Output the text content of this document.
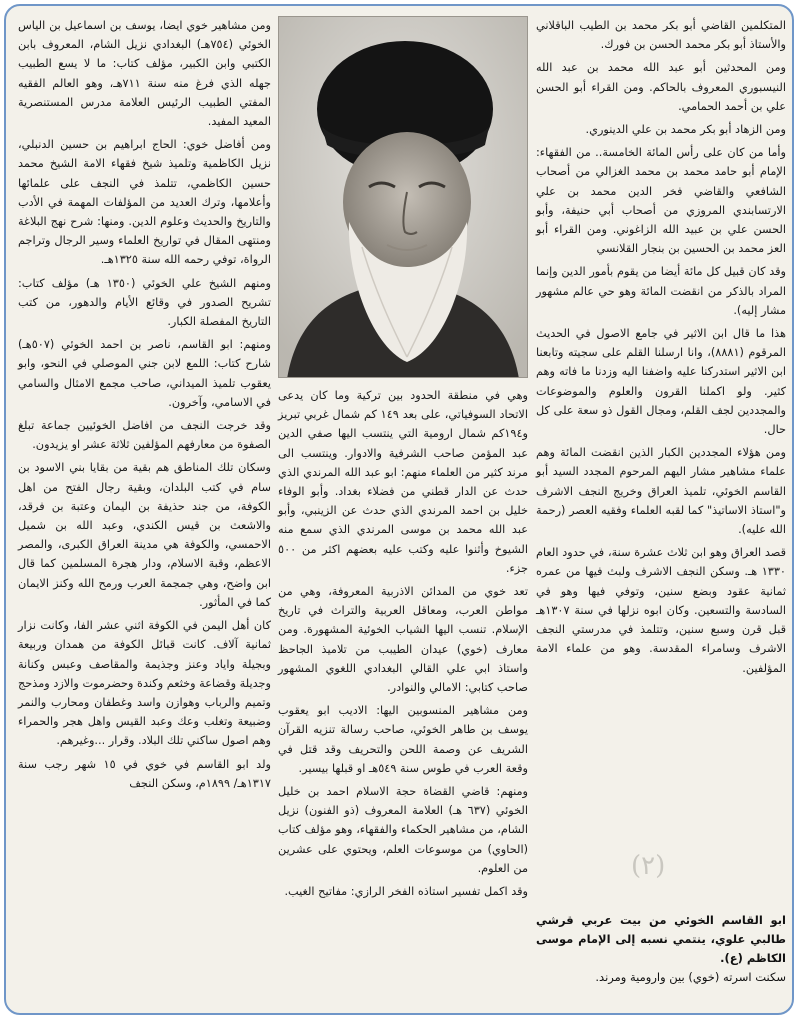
المتكلمين القاضي أبو بكر محمد بن الطيب الباقلاني والأستاذ أبو بكر محمد الحسن بن فورك.

ومن المحدثين أبو عبد الله محمد بن عبد الله النيسبوري المعروف بالحاكم. ومن القراء أبو الحسن علي بن أحمد الحمامي.

ومن الزهاد أبو بكر محمد بن علي الدينوري.

وأما من كان على رأس المائة الخامسة.. من الفقهاء: الإمام أبو حامد محمد بن محمد الغزالي من أصحاب الشافعي والقاضي فخر الدين محمد بن علي الارتسابندي المروزي من أصحاب أبي حنيفة، وأبو الحسن علي بن عبيد الله الزاغوني. ومن القراء أبو العز محمد بن الحسين بن بنجار القلانسي

وقد كان قبيل كل مائة أيضا من يقوم بأمور الدين وإنما المراد بالذكر من انقضت المائة وهو حي عالم مشهور مشار إليه).

هذا ما قال ابن الاثير في جامع الاصول في الحديث المرقوم (٨٨٨١)، وانا ارسلنا القلم على سجيته وتابعنا ابن الاثير استدركنا عليه واضفنا اليه وزدنا ما فاته وهم كثير. ولو اكملنا القرون والعلوم والموضوعات والمجددين لجف القلم، ومجال القول ذو سعة على كل حال.

ومن هؤلاء المجددين الكبار الذين انقضت المائة وهم علماء مشاهير مشار اليهم المرحوم المجدد السيد أبو القاسم الخوئي، تلميذ العراق وخريج النجف الاشرف و"استاذ الاساتيذ" كما لقبه العلماء وفقيه العصر (رحمة الله عليه).

قصد العراق وهو ابن ثلاث عشرة سنة، في حدود العام ١٣٣٠ هـ. وسكن النجف الاشرف ولبث فيها من عمره ثمانية عقود وبضع سنين، وتوفي فيها وهو في السادسة والتسعين. وكان ابوه نزلها في سنة ١٣٠٧هـ قبل قرن وسبع سنين، وتتلمذ في مدرستي النجف الاشرف وسامراء المقدسة. وهو من علماء الامة المؤلفين.

(٢)

ابو القاسم الخوئي من بيت عربي قرشي طالبي علوي، ينتمي نسبه إلى الإمام موسى الكاظم (ع).

سكنت اسرته (خوي) بين وارومية ومرند.

وهي في منطقة الحدود بين تركية وما كان يدعى الاتحاد السوفياتي، على بعد ١٤٩ كم شمال غربي تبريز و١٩٤كم شمال ارومية التي ينتسب اليها صفي الدين عبد المؤمن صاحب الشرفية والادوار. وينتسب الى مرند كثير من العلماء منهم: ابو عبد الله المرندي الذي حدث عن الدار قطني من فضلاء بغداد. وأبو الوفاء خليل بن احمد المرندي الذي حدث عن الزينبي، وأبو عبد الله محمد بن موسى المرندي الذي سمع منه الشيوخ وأثنوا عليه وكتب عليه بعضهم اكثر من ٥٠٠ جزء.

تعد خوي من المدائن الاذربية المعروفة، وهي من مواطن العرب، ومعاقل العربية والتراث في تاريخ الإسلام. تنسب اليها الشياب الخوئية المشهورة. ومن معارف (خوي) عيدان الطيبب من تلاميذ الجاحظ واستاذ ابي علي القالي البغدادي اللغوي المشهور صاحب كتابي: الامالي والنوادر.

ومن مشاهير المنسوبين اليها: الاديب ابو يعقوب يوسف بن طاهر الخوئي، صاحب رسالة تنزيه القرآن الشريف عن وصمة اللحن والتحريف وقد قتل في وقعة العرب في طوس سنة ٥٤٩هـ او قبلها بيسير.

ومنهم: قاضي القضاة حجة الاسلام احمد بن خليل الخوئي (٦٣٧ هـ) العلامة المعروف (ذو الفنون) نزيل الشام، من مشاهير الحكماء والفقهاء، وهو مؤلف كتاب (الحاوي) من موسوعات العلم، ويحتوي على عشرين من العلوم.

وقد اكمل تفسير استاذه الفخر الرازي: مفاتيح الغيب.

ومن مشاهير خوي ايضا، يوسف بن اسماعيل بن الياس الخوئي (٧٥٤هـ) البغدادي نزيل الشام، المعروف بابن الكتبي وابن الكبير، مؤلف كتاب: ما لا يسع الطبيب جهله الذي فرغ منه سنة ٧١١هـ، وهو العالم الفقيه المفتي الطبيب الرئيس العلامة مدرس المستنصرية المعيد المفيد.

ومن أفاضل خوي: الحاج ابراهيم بن حسين الدنبلي، نزيل الكاظمية وتلميذ شيخ فقهاء الامة الشيخ محمد حسين الكاظمي، تتلمذ في النجف على علمائها وأعلامها، وترك العديد من المؤلفات المهمة في الأدب والتاريخ والحديث وعلوم الدين. ومنها: شرح نهج البلاغة ومنتهى المقال في تواريخ العلماء وسير الرجال وتراجم الرواة، توفي رحمه الله سنة ١٣٢٥هـ.

ومنهم الشيخ علي الخوئي (١٣٥٠ هـ) مؤلف كتاب: تشريح الصدور في وقائع الأيام والدهور، من كتب التاريخ المفصلة الكبار.

ومنهم: ابو القاسم، ناصر بن احمد الخوئي (٥٠٧هـ) شارح كتاب: اللمع لابن جني الموصلي في النحو، وابو يعقوب تلميذ الميداني، صاحب مجمع الامثال والسامي في الاسامي، وآخرون.

وقد خرجت النجف من افاضل الخوئيين جماعة تبلغ الصفوة من معارفهم المؤلفين ثلاثة عشر او يزيدون.

وسكان تلك المناطق هم بقية من بقايا بني الاسود بن سام في كتب البلدان، وبقية رجال الفتح من اهل الكوفة، من جند حذيفة بن اليمان وعتبة بن فرقد، والاشعث بن قيس الكندي، وعبد الله بن شميل الاحمسي، والكوفة هي مدينة العراق الكبرى، والمصر الاعظم، وقبة الاسلام، ودار هجرة المسلمين كما قال ابن واضح، وهي جمجمة العرب ورمح الله وكنز الايمان كما في المأثور.

كان أهل اليمن في الكوفة اثني عشر الفا، وكانت نزار ثمانية آلاف. كانت قبائل الكوفة من همدان وربيعة وبجيلة واياد وعنز وجذيمة والمقاصف وعبس وكنانة وجديلة وقضاعة وخثعم وكندة وحضرموت والازد ومذحج وتميم والرباب وهوازن واسد وغطفان ومحارب والنمر وضبيعة وتغلب وعك وعبد القيس واهل هجر والحمراء وهم اصول ساكني تلك البلاد. وقرار ...وغيرهم.

ولد ابو القاسم في خوي في ١٥ شهر رجب سنة ١٣١٧هـ/ ١٨٩٩م، وسكن النجف
